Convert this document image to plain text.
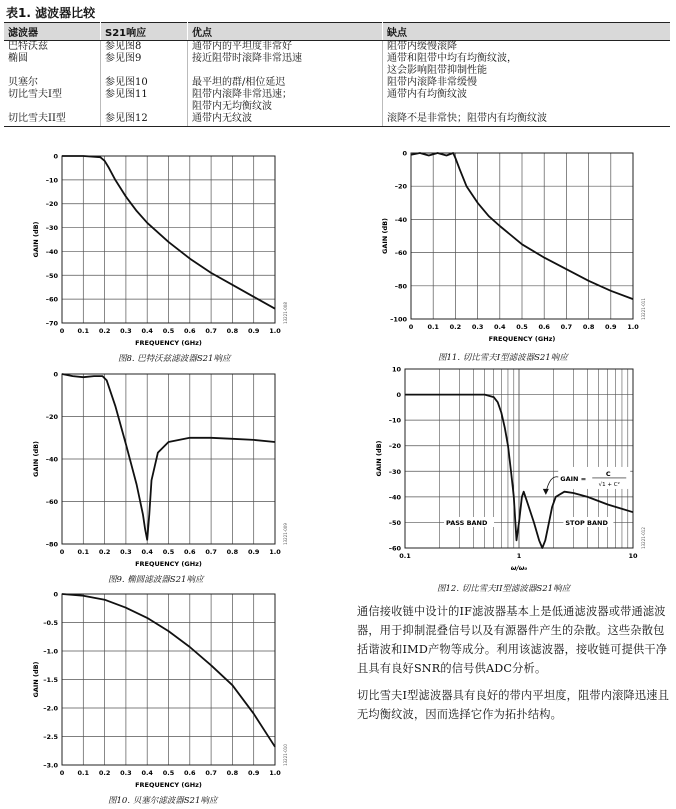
表1. 滤波器比较
滤波器	S21响应	优点	缺点

巴特沃兹	参见图8	通带内的平坦度非常好	阻带内缓慢滚降

椭圆	参见图9	接近阻带时滚降非常迅速	通带和阻带中均有均衡纹波，
这会影响阻带抑制性能

贝塞尔	参见图10	最平坦的群/相位延迟	阻带内滚降非常缓慢

切比雪夫I型	参见图11	阻带内滚降非常迅速；
阻带内无均衡纹波	通带内有均衡纹波

切比雪夫II型	参见图12	通带内无纹波	滚降不是非常快；阻带内有均衡纹波
0 0.1 0.2 0.3 0.4 0.5 0.6 0.7 0.8 0.9 1.0
0
–10
–20
–30
–40
–50
–60
–70
FREQUENCY (GHz)
GAIN (dB)
13221-008
图8. 巴特沃兹滤波器S21响应
0 0.1 0.2 0.3 0.4 0.5 0.6 0.7 0.8 0.9 1.0
0
–20
–40
–60
–80
FREQUENCY (GHz)
GAIN (dB)
13221-009
图9. 椭圆滤波器S21响应
0 0.1 0.2 0.3 0.4 0.5 0.6 0.7 0.8 0.9 1.0
0
–0.5
–1.0
–1.5
–2.0
–2.5
–3.0
FREQUENCY (GHz)
GAIN (dB)
13221-010
图10. 贝塞尔滤波器S21响应
0 0.1 0.2 0.3 0.4 0.5 0.6 0.7 0.8 0.9 1.0
0
–20
–40
–60
–80
–100
FREQUENCY (GHz)
GAIN (dB)
13221-011
图11. 切比雪夫I型滤波器S21响应
0.1	1	10
10
0
–10
–20
–30
–40
–50
–60
ω/ω₀
GAIN (dB)
13221-012
PASS BAND	STOP BAND
GAIN =
C
√1 + C²
图12. 切比雪夫II型滤波器S21响应
通信接收链中设计的IF滤波器基本上是低通滤波器或带通滤波器，用于抑制混叠信号以及有源器件产生的杂散。这些杂散包括谐波和IMD产物等成分。利用该滤波器，接收链可提供干净且具有良好SNR的信号供ADC分析。
切比雪夫I型滤波器具有良好的带内平坦度，阻带内滚降迅速且无均衡纹波，因而选择它作为拓扑结构。
